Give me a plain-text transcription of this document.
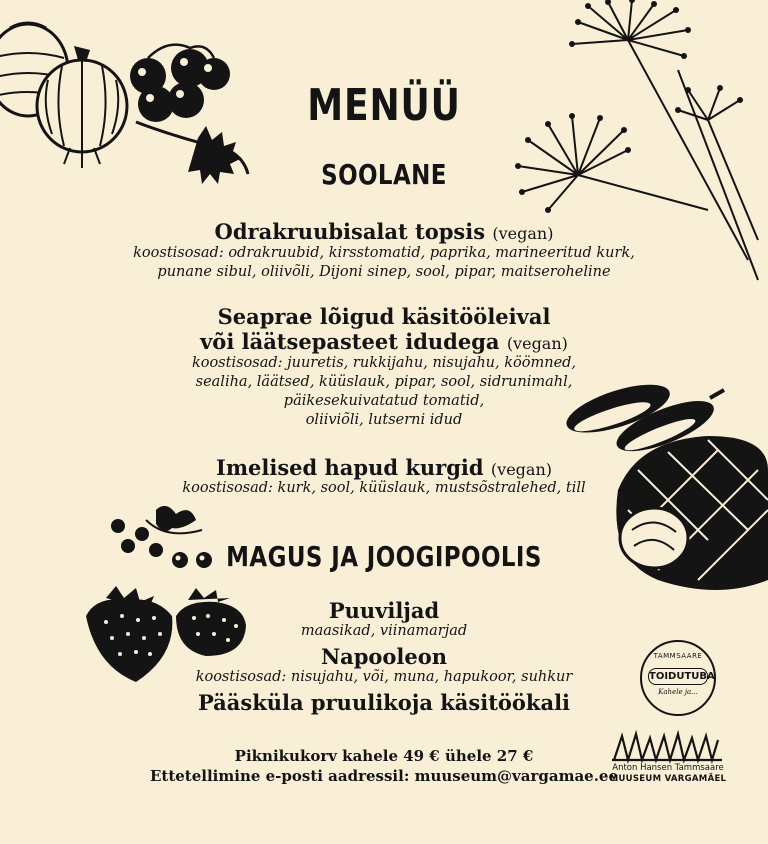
MENÜÜ
SOOLANE
Odrakruubisalat topsis (vegan)
koostisosad: odrakruubid, kirsstomatid, paprika, marineeritud kurk,
punane sibul, oliivõli, Dijoni sinep, sool, pipar, maitseroheline
Seaprae lõigud käsitööleival
või läätsepasteet idudega (vegan)
koostisosad: juuretis, rukkijahu, nisujahu, köömned,
sealiha, läätsed, küüslauk, pipar, sool, sidrunimahl,
päikesekuivatatud tomatid,
oliiviõli, lutserni idud
Imelised hapud kurgid (vegan)
koostisosad: kurk, sool, küüslauk, mustsõstralehed, till
MAGUS JA JOOGIPOOLIS
Puuviljad
maasikad, viinamarjad
Napooleon
koostisosad: nisujahu, või, muna, hapukoor, suhkur
Pääsküla pruulikoja käsitöökali
Piknikukorv kahele 49 € ühele 27 €
Ettetellimine e-posti aadressil: muuseum@vargamae.ee
TAMMSAARE
TOIDUTUBA
Kahele ja...
Anton Hansen Tammsaare
MUUSEUM VARGAMÄEL
